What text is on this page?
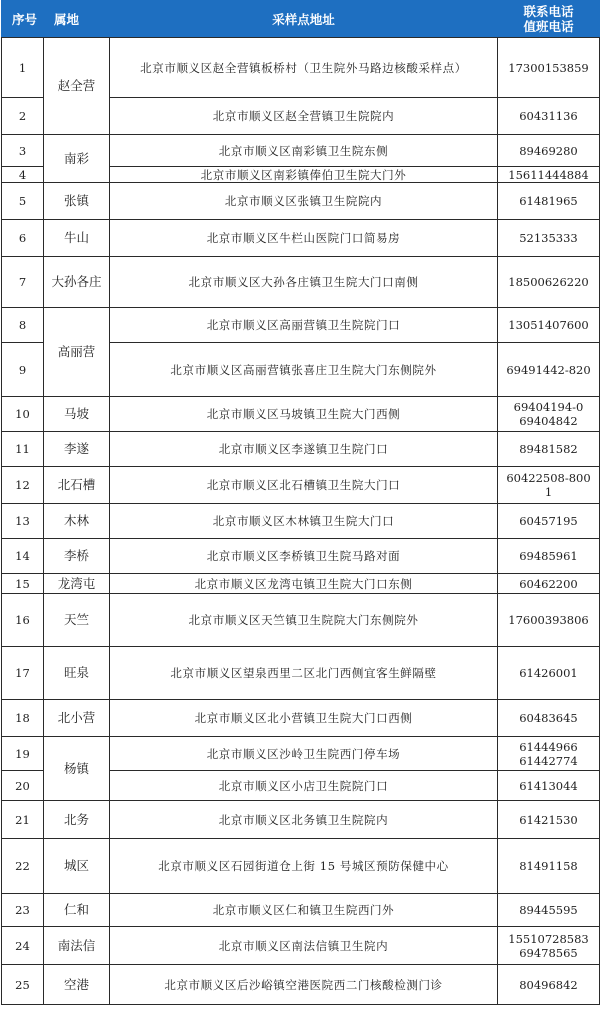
序号	属地	采样点地址	联系电话
值班电话

1	赵全营	北京市顺义区赵全营镇板桥村（卫生院外马路边核酸采样点）	17300153859

2		北京市顺义区赵全营镇卫生院院内	60431136

3	南彩	北京市顺义区南彩镇卫生院东侧	89469280

4		北京市顺义区南彩镇俸伯卫生院大门外	15611444884

5	张镇	北京市顺义区张镇卫生院院内	61481965

6	牛山	北京市顺义区牛栏山医院门口简易房	52135333

7	大孙各庄	北京市顺义区大孙各庄镇卫生院大门口南侧	18500626220

8	高丽营	北京市顺义区高丽营镇卫生院院门口	13051407600

9		北京市顺义区高丽营镇张喜庄卫生院大门东侧院外	69491442-820

10	马坡	北京市顺义区马坡镇卫生院大门西侧	69404194-0
69404842

11	李遂	北京市顺义区李遂镇卫生院门口	89481582

12	北石槽	北京市顺义区北石槽镇卫生院大门口	60422508-800
1

13	木林	北京市顺义区木林镇卫生院大门口	60457195

14	李桥	北京市顺义区李桥镇卫生院马路对面	69485961

15	龙湾屯	北京市顺义区龙湾屯镇卫生院大门口东侧	60462200

16	天竺	北京市顺义区天竺镇卫生院院大门东侧院外	17600393806

17	旺泉	北京市顺义区望泉西里二区北门西侧宜客生鲜隔壁	61426001

18	北小营	北京市顺义区北小营镇卫生院大门口西侧	60483645

19	杨镇	北京市顺义区沙岭卫生院西门停车场	61444966
61442774

20		北京市顺义区小店卫生院院门口	61413044

21	北务	北京市顺义区北务镇卫生院院内	61421530

22	城区	北京市顺义区石园街道仓上街 15 号城区预防保健中心	81491158

23	仁和	北京市顺义区仁和镇卫生院西门外	89445595

24	南法信	北京市顺义区南法信镇卫生院内	15510728583
69478565

25	空港	北京市顺义区后沙峪镇空港医院西二门核酸检测门诊	80496842
